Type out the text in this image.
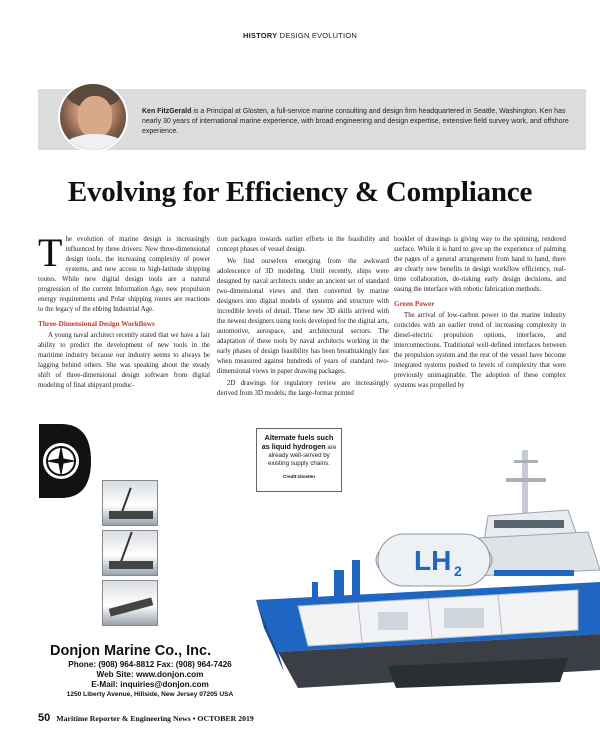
HISTORY DESIGN EVOLUTION
Ken FitzGerald is a Principal at Glosten, a full-service marine consulting and design firm headquartered in Seattle, Washington. Ken has nearly 30 years of international marine experience, with broad engineering and design expertise, extensive field survey work, and offshore experience.
Evolving for Efficiency & Compliance

The evolution of marine design is increasingly influenced by three drivers: New three-dimensional design tools, the increasing complexity of power systems, and new access to high-latitude shipping routes. While new digital design tools are a natural progression of the current Information Age, new propulsion energy requirements and Polar shipping routes are reactions to the legacy of the ebbing Industrial Age.

Three-Dimensional Design Workflows

A young naval architect recently stated that we have a fair ability to predict the development of new tools in the maritime industry because our industry seems to always be lagging behind others. She was speaking about the steady shift of three-dimensional design software from digital modeling of final shipyard produc-

tion packages towards earlier efforts in the feasibility and concept phases of vessel design.

We find ourselves emerging from the awkward adolescence of 3D modeling. Until recently, ships were designed by naval architects under an ancient set of standard two-dimensional views and then converted by marine designers into digital models of systems and structure with incredible levels of detail. These new 3D skills arrived with the newest designers using tools developed for the digital arts, automotive, aerospace, and architectural sectors. The adaptation of these tools by naval architects working in the early phases of design feasibility has been breathtakingly fast when measured against hundreds of years of standard two-dimensional views in paper drawing packages.

2D drawings for regulatory review are increasingly derived from 3D models; the large-format printed

booklet of drawings is giving way to the spinning, rendered surface. While it is hard to give up the experience of palming the pages of a general arrangement from hand to hand, there are clearly new benefits in design workflow efficiency, real-time collaboration, de-risking early design decisions, and easing the interface with robotic fabrication methods.

Green Power

The arrival of low-carbon power in the marine industry coincides with an earlier trend of increasing complexity in diesel-electric propulsion options, interfaces, and interconnections. Traditional well-defined interfaces between the propulsion system and the rest of the vessel have become integrated systems pushed to levels of complexity that were previously unimaginable. The adoption of these complex systems was propelled by

LH 2
Alternate fuels such
as liquid hydrogen are
already well-served by
existing supply chains.
Credit:Glosten
Donjon Marine Co., Inc.
Phone: (908) 964-8812 Fax: (908) 964-7426
Web Site: www.donjon.com
E-Mail: inquiries@donjon.com
1250 Liberty Avenue, Hillside, New Jersey 07205 USA
50 Maritime Reporter & Engineering News • OCTOBER 2019
